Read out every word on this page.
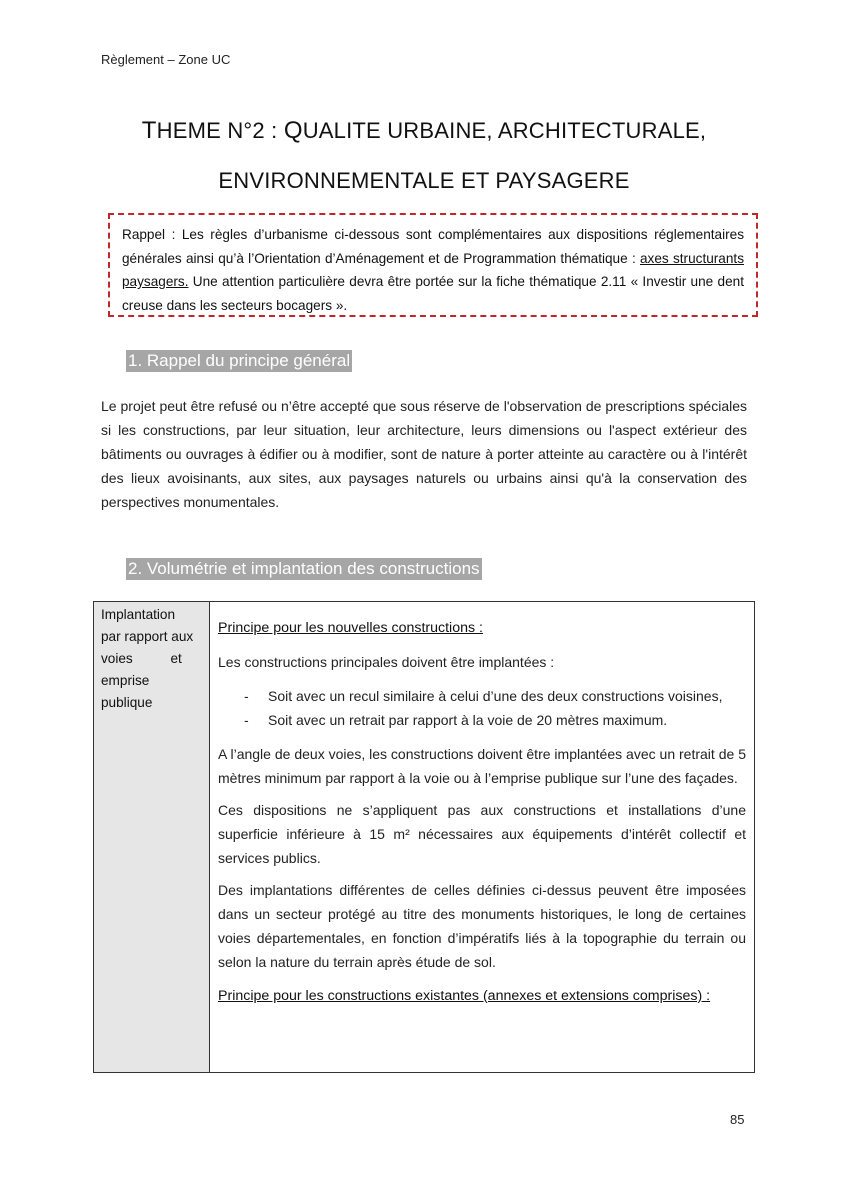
Règlement – Zone UC
THEME N°2 : QUALITE URBAINE, ARCHITECTURALE,
ENVIRONNEMENTALE ET PAYSAGERE
Rappel : Les règles d’urbanisme ci-dessous sont complémentaires aux dispositions réglementaires générales ainsi qu’à l’Orientation d’Aménagement et de Programmation thématique : axes structurants paysagers. Une attention particulière devra être portée sur la fiche thématique 2.11 « Investir une dent creuse dans les secteurs bocagers ».
1. Rappel du principe général
Le projet peut être refusé ou n’être accepté que sous réserve de l'observation de prescriptions spéciales si les constructions, par leur situation, leur architecture, leurs dimensions ou l'aspect extérieur des bâtiments ou ouvrages à édifier ou à modifier, sont de nature à porter atteinte au caractère ou à l'intérêt des lieux avoisinants, aux sites, aux paysages naturels ou urbains ainsi qu'à la conservation des perspectives monumentales.
2. Volumétrie et implantation des constructions
Implantation
par rapport aux
voies          et
emprise
publique

Principe pour les nouvelles constructions :

Les constructions principales doivent être implantées :

- Soit avec un recul similaire à celui d’une des deux constructions voisines,
- Soit avec un retrait par rapport à la voie de 20 mètres maximum.

A l’angle de deux voies, les constructions doivent être implantées avec un retrait de 5 mètres minimum par rapport à la voie ou à l’emprise publique sur l’une des façades.

Ces dispositions ne s’appliquent pas aux constructions et installations d’une superficie inférieure à 15 m² nécessaires aux équipements d’intérêt collectif et services publics.

Des implantations différentes de celles définies ci-dessus peuvent être imposées dans un secteur protégé au titre des monuments historiques, le long de certaines voies départementales, en fonction d’impératifs liés à la topographie du terrain ou selon la nature du terrain après étude de sol.

Principe pour les constructions existantes (annexes et extensions comprises) :

85
